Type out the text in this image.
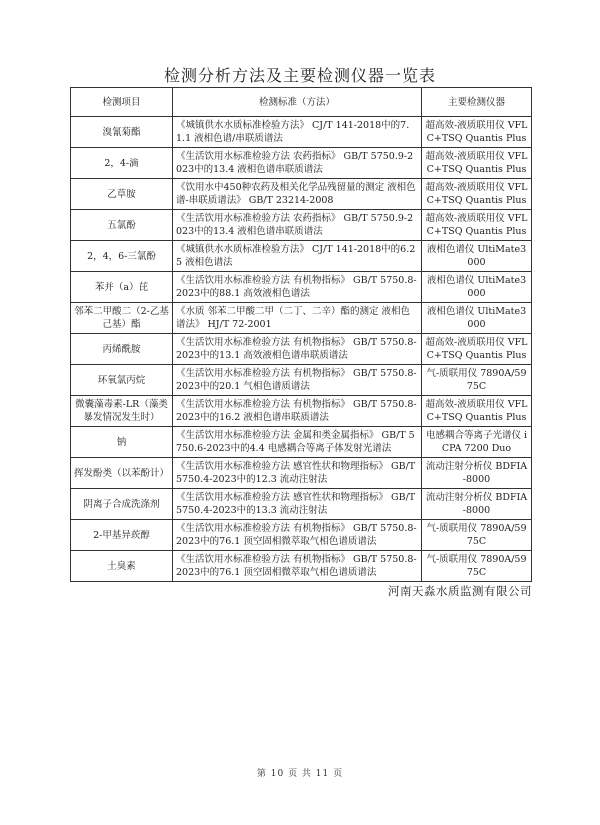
检测分析方法及主要检测仪器一览表
检测项目	检测标准（方法）	主要检测仪器
溴氰菊酯	《城镇供水水质标准检验方法》 CJ/T 141-2018中的7.1.1 液相色谱/串联质谱法	超高效-液质联用仪 VFLC+TSQ Quantis Plus
2，4-滴	《生活饮用水标准检验方法 农药指标》 GB/T 5750.9-2023中的13.4 液相色谱串联质谱法	超高效-液质联用仪 VFLC+TSQ Quantis Plus
乙草胺	《饮用水中450种农药及相关化学品残留量的测定 液相色谱-串联质谱法》 GB/T 23214-2008	超高效-液质联用仪 VFLC+TSQ Quantis Plus
五氯酚	《生活饮用水标准检验方法 农药指标》 GB/T 5750.9-2023中的13.4 液相色谱串联质谱法	超高效-液质联用仪 VFLC+TSQ Quantis Plus
2，4，6-三氯酚	《城镇供水水质标准检验方法》 CJ/T 141-2018中的6.25 液相色谱法	液相色谱仪 UltiMate3000
苯并（a）芘	《生活饮用水标准检验方法 有机物指标》 GB/T 5750.8-2023中的88.1 高效液相色谱法	液相色谱仪 UltiMate3000
邻苯二甲酸二（2-乙基己基）酯	《水质 邻苯二甲酸二甲（二丁、二辛）酯的测定 液相色谱法》 HJ/T 72-2001	液相色谱仪 UltiMate3000
丙烯酰胺	《生活饮用水标准检验方法 有机物指标》 GB/T 5750.8-2023中的13.1 高效液相色谱串联质谱法	超高效-液质联用仪 VFLC+TSQ Quantis Plus
环氧氯丙烷	《生活饮用水标准检验方法 有机物指标》 GB/T 5750.8-2023中的20.1 气相色谱质谱法	气-质联用仪 7890A/5975C
微囊藻毒素-LR（藻类暴发情况发生时）	《生活饮用水标准检验方法 有机物指标》 GB/T 5750.8-2023中的16.2 液相色谱串联质谱法	超高效-液质联用仪 VFLC+TSQ Quantis Plus
钠	《生活饮用水标准检验方法 金属和类金属指标》 GB/T 5750.6-2023中的4.4 电感耦合等离子体发射光谱法	电感耦合等离子光谱仪 iCPA 7200 Duo
挥发酚类（以苯酚计）	《生活饮用水标准检验方法 感官性状和物理指标》 GB/T 5750.4-2023中的12.3 流动注射法	流动注射分析仪 BDFIA-8000
阴离子合成洗涤剂	《生活饮用水标准检验方法 感官性状和物理指标》 GB/T 5750.4-2023中的13.3 流动注射法	流动注射分析仪 BDFIA-8000
2-甲基异莰醇	《生活饮用水标准检验方法 有机物指标》 GB/T 5750.8-2023中的76.1 顶空固相微萃取气相色谱质谱法	气-质联用仪 7890A/5975C
土臭素	《生活饮用水标准检验方法 有机物指标》 GB/T 5750.8-2023中的76.1 顶空固相微萃取气相色谱质谱法	气-质联用仪 7890A/5975C
河南天淼水质监测有限公司
第 10 页 共 11 页
